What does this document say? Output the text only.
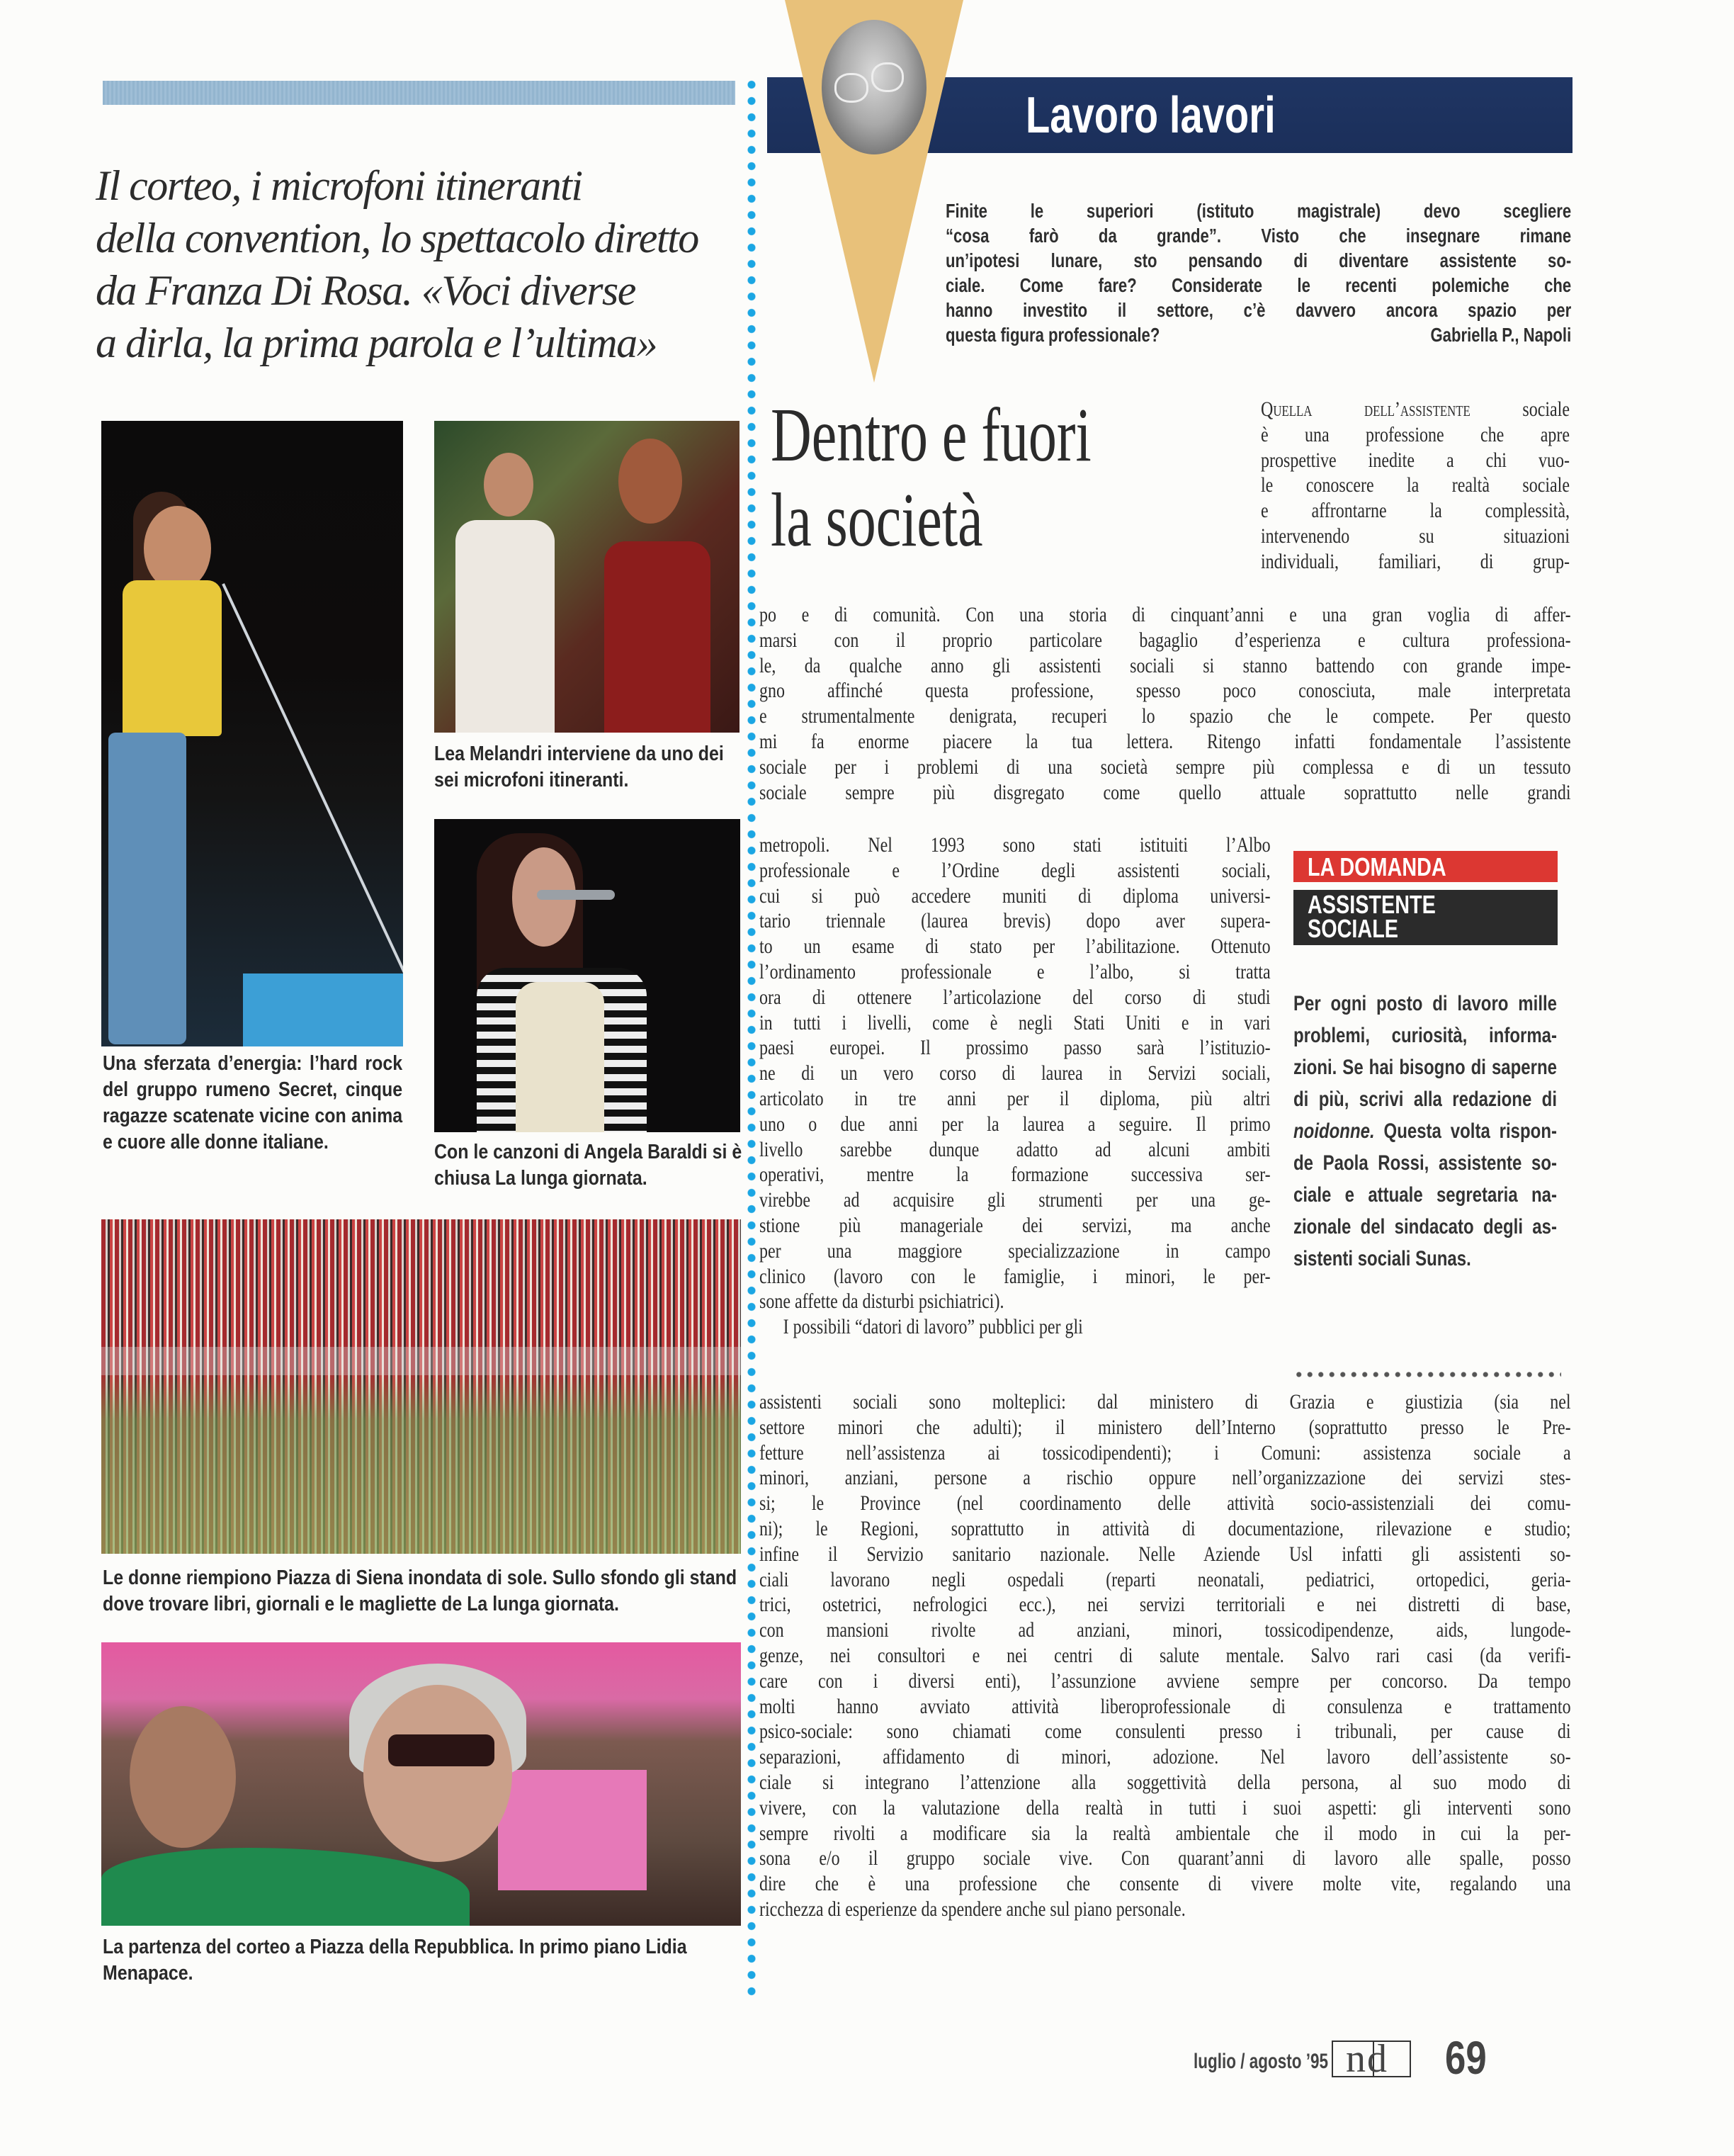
Il corteo, i microfoni itineranti
della convention, lo spettacolo diretto
da Franza Di Rosa. «Voci diverse
a dirla, la prima parola e l’ultima»
Una sferzata d’energia: l’hard rock del gruppo rumeno Secret, cinque ragazze scatenate vicine con anima e cuore alle donne italiane.
Lea Melandri interviene da uno dei sei microfoni itineranti.
Con le canzoni di Angela Baraldi si è chiusa La lunga giornata.
Le donne riempiono Piazza di Siena inondata di sole. Sullo sfondo gli stand dove trovare libri, giornali e le magliette de La lunga giornata.
La partenza del corteo a Piazza della Repubblica. In primo piano Lidia Menapace.
Lavoro lavori
Finite le superiori (istituto magistrale) devo scegliere
“cosa farò da grande”. Visto che insegnare rimane
un’ipotesi lunare, sto pensando di diventare assistente so-
ciale. Come fare? Considerate le recenti polemiche che
hanno investito il settore, c’è davvero ancora spazio per
questa figura professionale?	Gabriella P., Napoli
Dentro e fuori
la società
Quella dell’assistente sociale
è una professione che apre
prospettive inedite a chi vuo-
le conoscere la realtà sociale
e affrontarne la complessità,
intervenendo su situazioni
individuali, familiari, di grup-
po e di comunità. Con una storia di cinquant’anni e una gran voglia di affer-
marsi con il proprio particolare bagaglio d’esperienza e cultura professiona-
le, da qualche anno gli assistenti sociali si stanno battendo con grande impe-
gno affinché questa professione, spesso poco conosciuta, male interpretata
e strumentalmente denigrata, recuperi lo spazio che le compete. Per questo
mi fa enorme piacere la tua lettera. Ritengo infatti fondamentale l’assistente
sociale per i problemi di una società sempre più complessa e di un tessuto
sociale sempre più disgregato come quello attuale soprattutto nelle grandi
metropoli. Nel 1993 sono stati istituiti l’Albo
professionale e l’Ordine degli assistenti sociali,
cui si può accedere muniti di diploma universi-
tario triennale (laurea brevis) dopo aver supera-
to un esame di stato per l’abilitazione. Ottenuto
l’ordinamento professionale e l’albo, si tratta
ora di ottenere l’articolazione del corso di studi
in tutti i livelli, come è negli Stati Uniti e in vari
paesi europei. Il prossimo passo sarà l’istituzio-
ne di un vero corso di laurea in Servizi sociali,
articolato in tre anni per il diploma, più altri
uno o due anni per la laurea a seguire. Il primo
livello sarebbe dunque adatto ad alcuni ambiti
operativi, mentre la formazione successiva ser-
virebbe ad acquisire gli strumenti per una ge-
stione più manageriale dei servizi, ma anche
per una maggiore specializzazione in campo
clinico (lavoro con le famiglie, i minori, le per-
sone affette da disturbi psichiatrici).
I possibili “datori di lavoro” pubblici per gli
assistenti sociali sono molteplici: dal ministero di Grazia e giustizia (sia nel
settore minori che adulti); il ministero dell’Interno (soprattutto presso le Pre-
fetture nell’assistenza ai tossicodipendenti); i Comuni: assistenza sociale a
minori, anziani, persone a rischio oppure nell’organizzazione dei servizi stes-
si; le Province (nel coordinamento delle attività socio-assistenziali dei comu-
ni); le Regioni, soprattutto in attività di documentazione, rilevazione e studio;
infine il Servizio sanitario nazionale. Nelle Aziende Usl infatti gli assistenti so-
ciali lavorano negli ospedali (reparti neonatali, pediatrici, ortopedici, geria-
trici, ostetrici, nefrologici ecc.), nei servizi territoriali e nei distretti di base,
con mansioni rivolte ad anziani, minori, tossicodipendenze, aids, lungode-
genze, nei consultori e nei centri di salute mentale. Salvo rari casi (da verifi-
care con i diversi enti), l’assunzione avviene sempre per concorso. Da tempo
molti hanno avviato attività liberoprofessionale di consulenza e trattamento
psico-sociale: sono chiamati come consulenti presso i tribunali, per cause di
separazioni, affidamento di minori, adozione. Nel lavoro dell’assistente so-
ciale si integrano l’attenzione alla soggettività della persona, al suo modo di
vivere, con la valutazione della realtà in tutti i suoi aspetti: gli interventi sono
sempre rivolti a modificare sia la realtà ambientale che il modo in cui la per-
sona e/o il gruppo sociale vive. Con quarant’anni di lavoro alle spalle, posso
dire che è una professione che consente di vivere molte vite, regalando una
ricchezza di esperienze da spendere anche sul piano personale.
LA DOMANDA
ASSISTENTE
SOCIALE
Per ogni posto di lavoro mille
problemi, curiosità, informa-
zioni. Se hai bisogno di saperne
di più, scrivi alla redazione di
noidonne. Questa volta rispon-
de Paola Rossi, assistente so-
ciale e attuale segretaria na-
zionale del sindacato degli as-
sistenti sociali Sunas.
luglio / agosto ’95 nd 69
